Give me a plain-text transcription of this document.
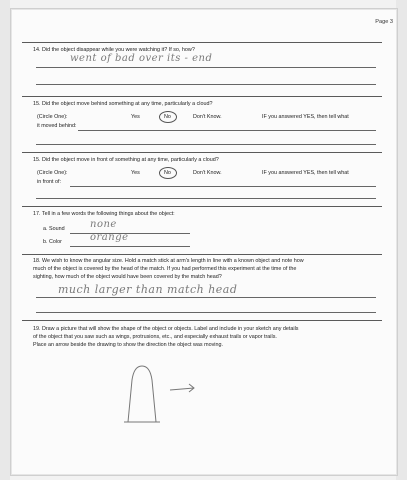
Page 3
14. Did the object disappear while you were watching it? If so, how?
went of bad over its - end
15. Did the object move behind something at any time, particularly a cloud?
(Circle One):	Yes	No	Don't Know.	IF you answered YES, then tell what
it moved behind:
15. Did the object move in front of something at any time, particularly a cloud?
(Circle One):	Yes	No	Don't Know.	IF you answered YES, then tell what
in front of:
17. Tell in a few words the following things about the object:
a. Sound	none
b. Color	orange
18. We wish to know the angular size. Hold a match stick at arm's length in line with a known object and note how
much of the object is covered by the head of the match. If you had performed this experiment at the time of the
sighting, how much of the object would have been covered by the match head?
much larger than match head
19. Draw a picture that will show the shape of the object or objects. Label and include in your sketch any details
of the object that you saw such as wings, protrusions, etc., and especially exhaust trails or vapor trails.
Place an arrow beside the drawing to show the direction the object was moving.
